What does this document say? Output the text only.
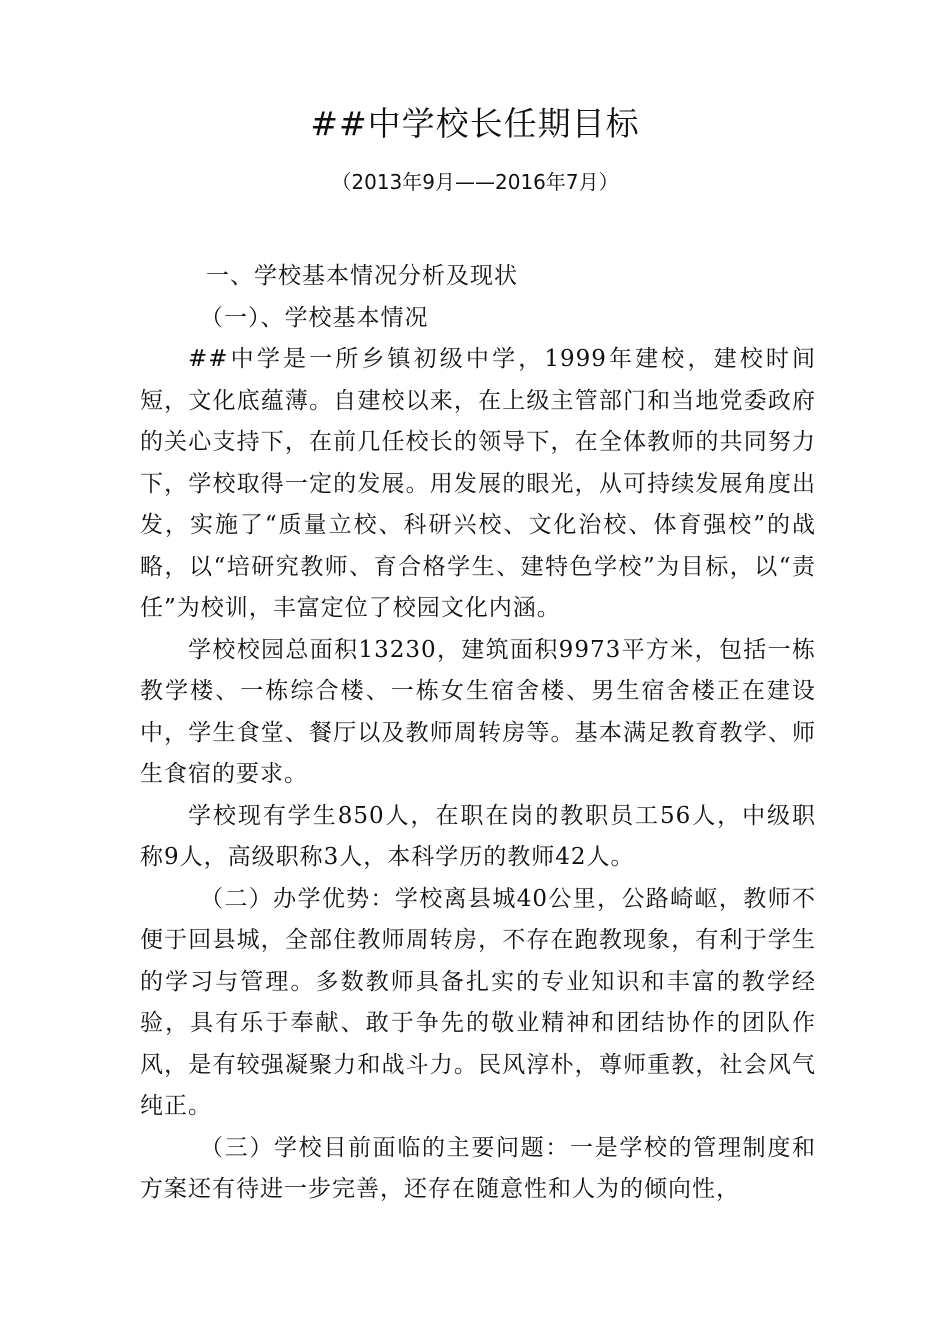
##中学校长任期目标
（2013年9月——2016年7月）

一、学校基本情况分析及现状

（一）、学校基本情况

##中学是一所乡镇初级中学，1999年建校，建校时间短，文化底蕴薄。自建校以来，在上级主管部门和当地党委政府的关心支持下，在前几任校长的领导下，在全体教师的共同努力下，学校取得一定的发展。用发展的眼光，从可持续发展角度出发，实施了“质量立校、科研兴校、文化治校、体育强校”的战略，以“培研究教师、育合格学生、建特色学校”为目标，以“责任”为校训，丰富定位了校园文化内涵。

学校校园总面积13230，建筑面积9973平方米，包括一栋教学楼、一栋综合楼、一栋女生宿舍楼、男生宿舍楼正在建设中，学生食堂、餐厅以及教师周转房等。基本满足教育教学、师生食宿的要求。

学校现有学生850人，在职在岗的教职员工56人，中级职称9人，高级职称3人，本科学历的教师42人。

（二）办学优势：学校离县城40公里，公路崎岖，教师不便于回县城，全部住教师周转房，不存在跑教现象，有利于学生的学习与管理。多数教师具备扎实的专业知识和丰富的教学经验，具有乐于奉献、敢于争先的敬业精神和团结协作的团队作风，是有较强凝聚力和战斗力。民风淳朴，尊师重教，社会风气纯正。

（三）学校目前面临的主要问题：一是学校的管理制度和方案还有待进一步完善，还存在随意性和人为的倾向性，
